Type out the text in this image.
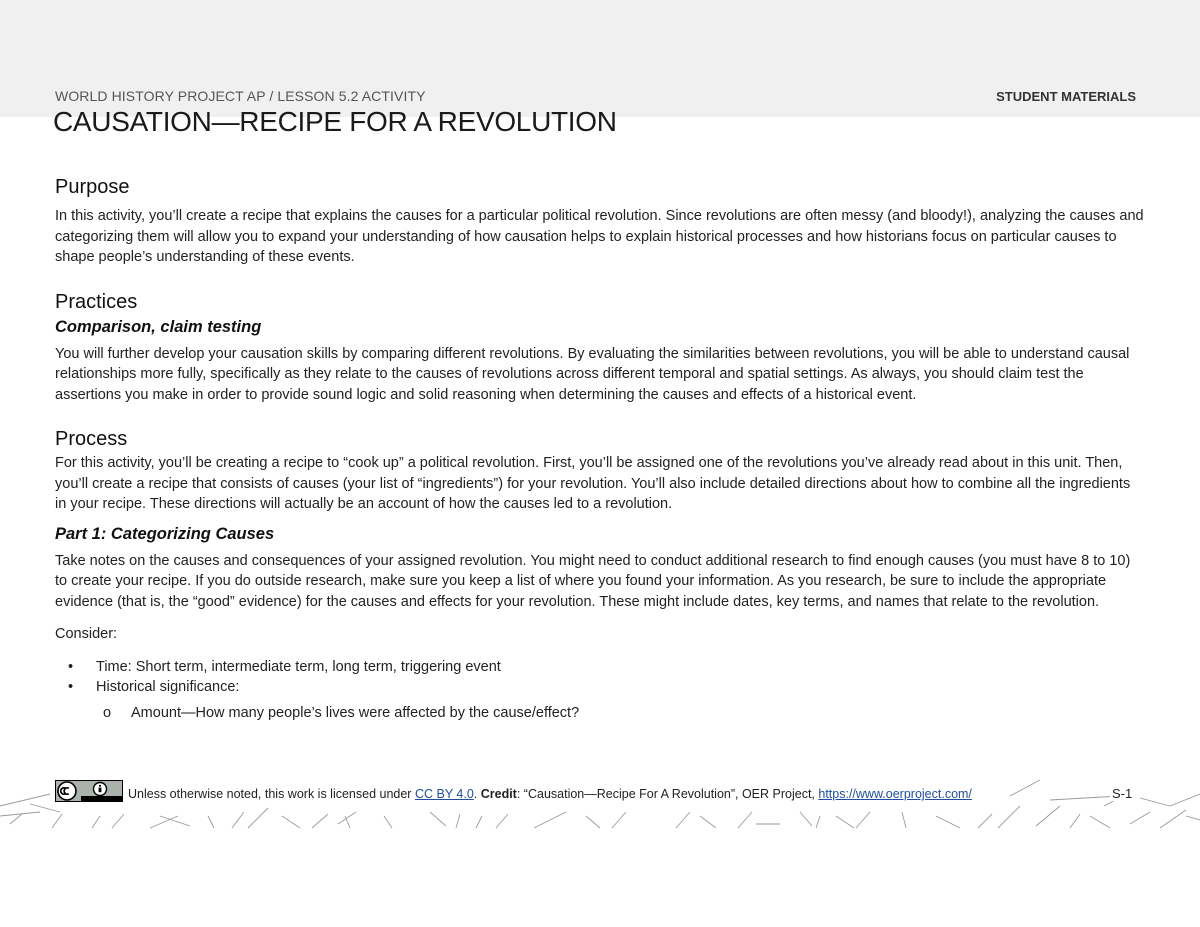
WORLD HISTORY PROJECT AP / LESSON 5.2 ACTIVITY	STUDENT MATERIALS
CAUSATION—RECIPE FOR A REVOLUTION
Purpose

In this activity, you’ll create a recipe that explains the causes for a particular political revolution. Since revolutions are often messy (and bloody!), analyzing the causes and categorizing them will allow you to expand your understanding of how causation helps to explain historical processes and how historians focus on particular causes to shape people’s understanding of these events.

Practices
Comparison, claim testing

You will further develop your causation skills by comparing different revolutions. By evaluating the similarities between revolutions, you will be able to understand causal relationships more fully, specifically as they relate to the causes of revolutions across different temporal and spatial settings. As always, you should claim test the assertions you make in order to provide sound logic and solid reasoning when determining the causes and effects of a historical event.

Process

For this activity, you’ll be creating a recipe to “cook up” a political revolution. First, you’ll be assigned one of the revolutions you’ve already read about in this unit. Then, you’ll create a recipe that consists of causes (your list of “ingredients”) for your revolution. You’ll also include detailed directions about how to combine all the ingredients in your recipe. These directions will actually be an account of how the causes led to a revolution.

Part 1: Categorizing Causes

Take notes on the causes and consequences of your assigned revolution. You might need to conduct additional research to find enough causes (you must have 8 to 10) to create your recipe. If you do outside research, make sure you keep a list of where you found your information. As you research, be sure to include the appropriate evidence (that is, the “good” evidence) for the causes and effects for your revolution. These might include dates, key terms, and names that relate to the revolution.

Consider:

• Time: Short term, intermediate term, long term, triggering event
• Historical significance:
o Amount—How many people’s lives were affected by the cause/effect?
Unless otherwise noted, this work is licensed under CC BY 4.0. Credit: “Causation—Recipe For A Revolution”, OER Project, https://www.oerproject.com/	S-1
